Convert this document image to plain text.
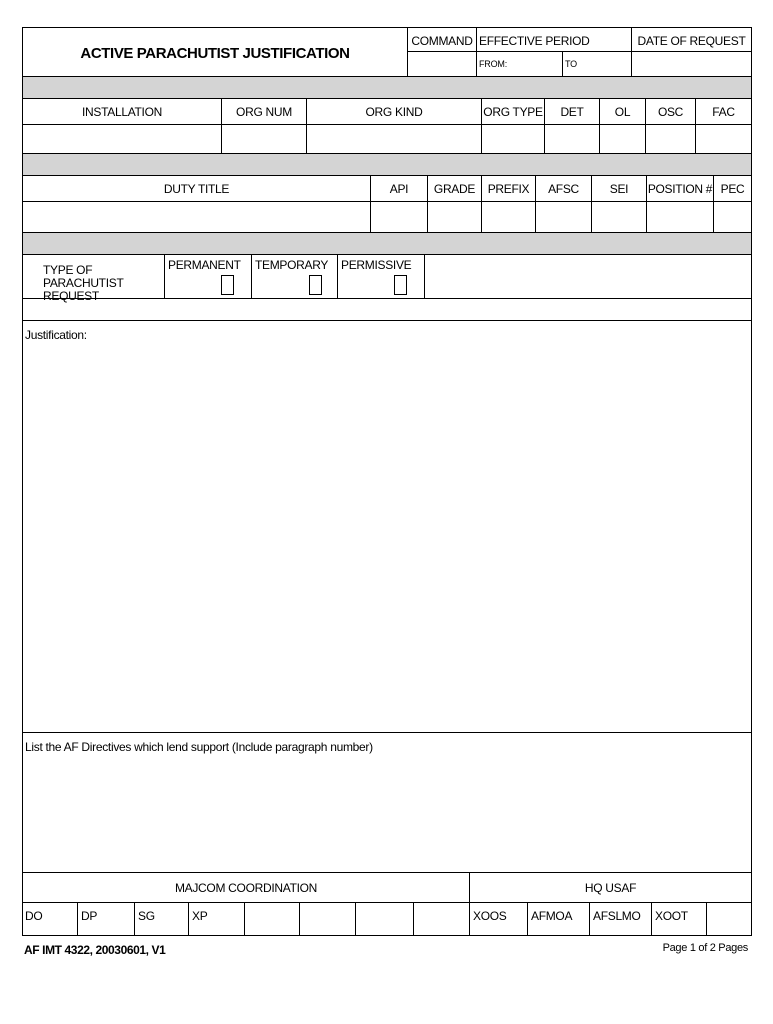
ACTIVE PARACHUTIST JUSTIFICATION
COMMAND EFFECTIVE PERIOD
FROM:	TO
DATE OF REQUEST
INSTALLATION	ORG NUM	ORG KIND	ORG TYPE	DET	OL	OSC	FAC
DUTY TITLE	API	GRADE	PREFIX	AFSC	SEI	POSITION # PEC
TYPE OF PARACHUTIST REQUEST
PERMANENT TEMPORARY PERMISSIVE
Justification:
List the AF Directives which lend support (Include paragraph number)
MAJCOM COORDINATION	HQ USAF
DO	DP	SG	XP	XOOS AFMOA AFSLMO XOOT
AF IMT 4322, 20030601, V1	Page 1 of 2 Pages
